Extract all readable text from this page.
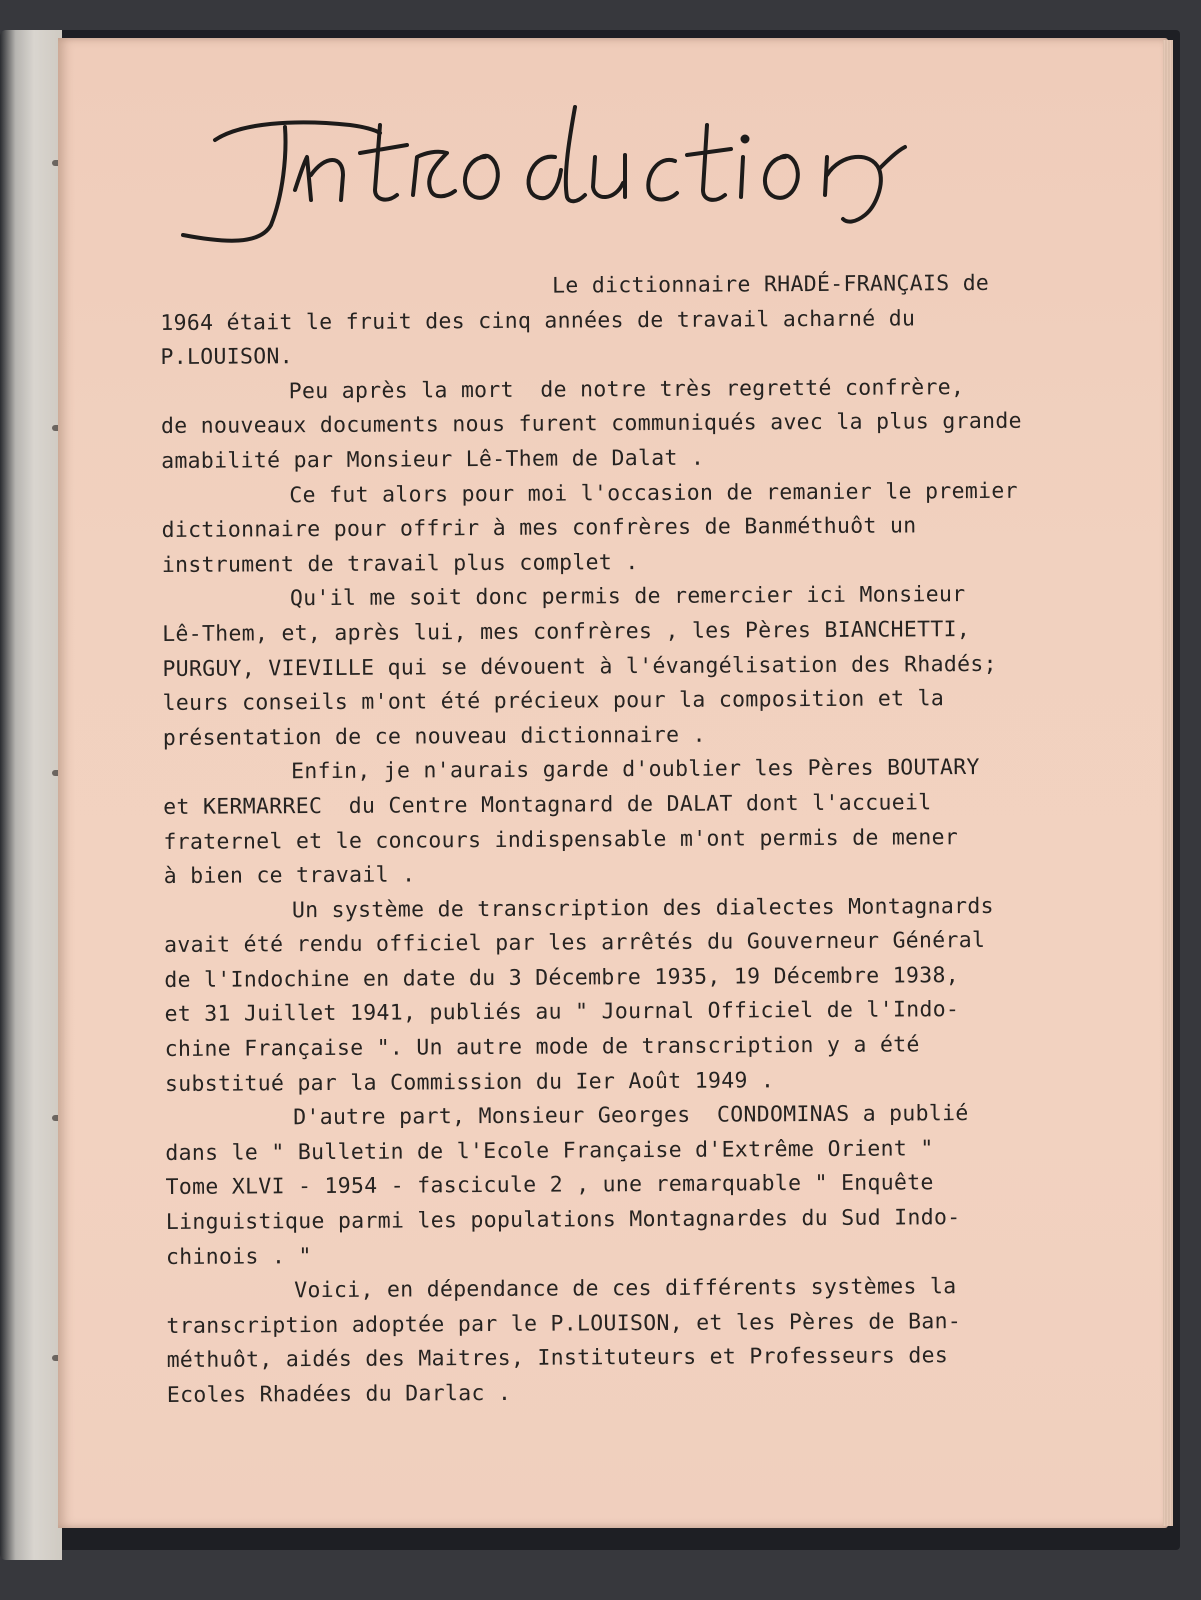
Le dictionnaire RHADÉ-FRANÇAIS de

1964 était le fruit des cinq années de travail acharné du

P.LOUISON.

Peu après la mort  de notre très regretté confrère,

de nouveaux documents nous furent communiqués avec la plus grande

amabilité par Monsieur Lê-Them de Dalat .

Ce fut alors pour moi l'occasion de remanier le premier

dictionnaire pour offrir à mes confrères de Banméthuôt un

instrument de travail plus complet .

Qu'il me soit donc permis de remercier ici Monsieur

Lê-Them, et, après lui, mes confrères , les Pères BIANCHETTI,

PURGUY, VIEVILLE qui se dévouent à l'évangélisation des Rhadés;

leurs conseils m'ont été précieux pour la composition et la

présentation de ce nouveau dictionnaire .

Enfin, je n'aurais garde d'oublier les Pères BOUTARY

et KERMARREC  du Centre Montagnard de DALAT dont l'accueil

fraternel et le concours indispensable m'ont permis de mener

à bien ce travail .

Un système de transcription des dialectes Montagnards

avait été rendu officiel par les arrêtés du Gouverneur Général

de l'Indochine en date du 3 Décembre 1935, 19 Décembre 1938,

et 31 Juillet 1941, publiés au " Journal Officiel de l'Indo-

chine Française ". Un autre mode de transcription y a été

substitué par la Commission du Ier Août 1949 .

D'autre part, Monsieur Georges  CONDOMINAS a publié

dans le " Bulletin de l'Ecole Française d'Extrême Orient "

Tome XLVI - 1954 - fascicule 2 , une remarquable " Enquête

Linguistique parmi les populations Montagnardes du Sud Indo-

chinois . "

Voici, en dépendance de ces différents systèmes la

transcription adoptée par le P.LOUISON, et les Pères de Ban-

méthuôt, aidés des Maitres, Instituteurs et Professeurs des

Ecoles Rhadées du Darlac .
